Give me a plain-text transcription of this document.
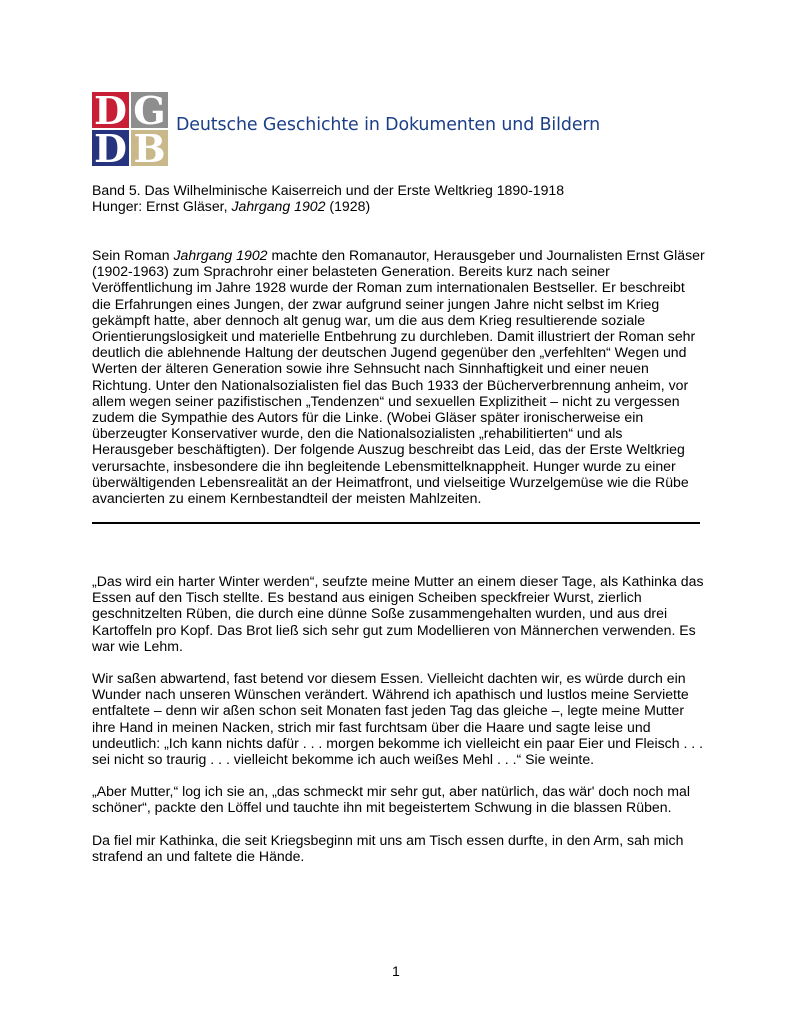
D G
D B
Deutsche Geschichte in Dokumenten und Bildern
Band 5. Das Wilhelminische Kaiserreich und der Erste Weltkrieg 1890-1918
Hunger: Ernst Gläser, Jahrgang 1902 (1928)

Sein Roman Jahrgang 1902 machte den Romanautor, Herausgeber und Journalisten Ernst Gläser (1902-1963) zum Sprachrohr einer belasteten Generation. Bereits kurz nach seiner Veröffentlichung im Jahre 1928 wurde der Roman zum internationalen Bestseller. Er beschreibt die Erfahrungen eines Jungen, der zwar aufgrund seiner jungen Jahre nicht selbst im Krieg gekämpft hatte, aber dennoch alt genug war, um die aus dem Krieg resultierende soziale Orientierungslosigkeit und materielle Entbehrung zu durchleben. Damit illustriert der Roman sehr deutlich die ablehnende Haltung der deutschen Jugend gegenüber den „verfehlten“ Wegen und Werten der älteren Generation sowie ihre Sehnsucht nach Sinnhaftigkeit und einer neuen Richtung. Unter den Nationalsozialisten fiel das Buch 1933 der Bücherverbrennung anheim, vor allem wegen seiner pazifistischen „Tendenzen“ und sexuellen Explizitheit – nicht zu vergessen zudem die Sympathie des Autors für die Linke. (Wobei Gläser später ironischerweise ein überzeugter Konservativer wurde, den die Nationalsozialisten „rehabilitierten“ und als Herausgeber beschäftigten). Der folgende Auszug beschreibt das Leid, das der Erste Weltkrieg verursachte, insbesondere die ihn begleitende Lebensmittelknappheit. Hunger wurde zu einer überwältigenden Lebensrealität an der Heimatfront, und vielseitige Wurzelgemüse wie die Rübe avancierten zu einem Kernbestandteil der meisten Mahlzeiten.

„Das wird ein harter Winter werden“, seufzte meine Mutter an einem dieser Tage, als Kathinka das Essen auf den Tisch stellte. Es bestand aus einigen Scheiben speckfreier Wurst, zierlich geschnitzelten Rüben, die durch eine dünne Soße zusammengehalten wurden, und aus drei Kartoffeln pro Kopf. Das Brot ließ sich sehr gut zum Modellieren von Männerchen verwenden. Es war wie Lehm.

Wir saßen abwartend, fast betend vor diesem Essen. Vielleicht dachten wir, es würde durch ein Wunder nach unseren Wünschen verändert. Während ich apathisch und lustlos meine Serviette entfaltete – denn wir aßen schon seit Monaten fast jeden Tag das gleiche –, legte meine Mutter ihre Hand in meinen Nacken, strich mir fast furchtsam über die Haare und sagte leise und undeutlich: „Ich kann nichts dafür . . . morgen bekomme ich vielleicht ein paar Eier und Fleisch . . . sei nicht so traurig . . . vielleicht bekomme ich auch weißes Mehl . . .“ Sie weinte.

„Aber Mutter,“ log ich sie an, „das schmeckt mir sehr gut, aber natürlich, das wär' doch noch mal schöner“, packte den Löffel und tauchte ihn mit begeistertem Schwung in die blassen Rüben.

Da fiel mir Kathinka, die seit Kriegsbeginn mit uns am Tisch essen durfte, in den Arm, sah mich strafend an und faltete die Hände.

1
